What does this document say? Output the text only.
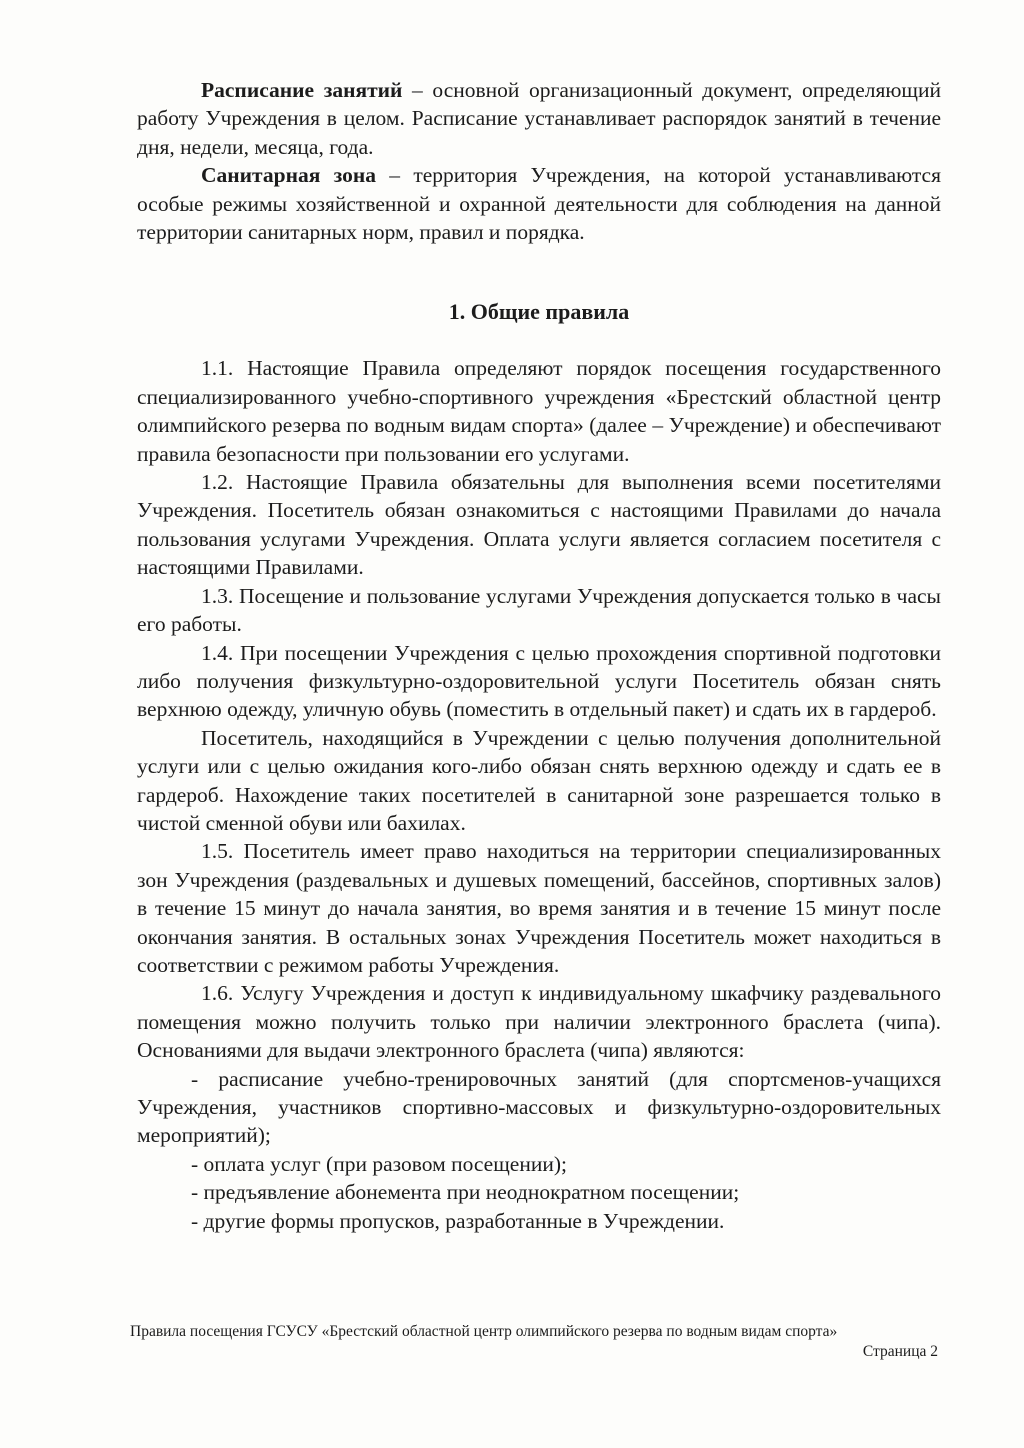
Расписание занятий – основной организационный документ, определяющий работу Учреждения в целом. Расписание устанавливает распорядок занятий в течение дня, недели, месяца, года.

Санитарная зона – территория Учреждения, на которой устанавливаются особые режимы хозяйственной и охранной деятельности для соблюдения на данной территории санитарных норм, правил и порядка.

1. Общие правила

1.1. Настоящие Правила определяют порядок посещения государственного специализированного учебно-спортивного учреждения «Брестский областной центр олимпийского резерва по водным видам спорта» (далее – Учреждение) и обеспечивают правила безопасности при пользовании его услугами.

1.2. Настоящие Правила обязательны для выполнения всеми посетителями Учреждения. Посетитель обязан ознакомиться с настоящими Правилами до начала пользования услугами Учреждения. Оплата услуги является согласием посетителя с настоящими Правилами.

1.3. Посещение и пользование услугами Учреждения допускается только в часы его работы.

1.4. При посещении Учреждения с целью прохождения спортивной подготовки либо получения физкультурно-оздоровительной услуги Посетитель обязан снять верхнюю одежду, уличную обувь (поместить в отдельный пакет) и сдать их в гардероб.

Посетитель, находящийся в Учреждении с целью получения дополнительной услуги или с целью ожидания кого-либо обязан снять верхнюю одежду и сдать ее в гардероб. Нахождение таких посетителей в санитарной зоне разрешается только в чистой сменной обуви или бахилах.

1.5. Посетитель имеет право находиться на территории специализированных зон Учреждения (раздевальных и душевых помещений, бассейнов, спортивных залов) в течение 15 минут до начала занятия, во время занятия и в течение 15 минут после окончания занятия. В остальных зонах Учреждения Посетитель может находиться в соответствии с режимом работы Учреждения.

1.6. Услугу Учреждения и доступ к индивидуальному шкафчику раздевального помещения можно получить только при наличии электронного браслета (чипа). Основаниями для выдачи электронного браслета (чипа) являются:

- расписание учебно-тренировочных занятий (для спортсменов-учащихся Учреждения, участников спортивно-массовых и физкультурно-оздоровительных мероприятий);

- оплата услуг (при разовом посещении);

- предъявление абонемента при неоднократном посещении;

- другие формы пропусков, разработанные в Учреждении.

Правила посещения ГСУСУ «Брестский областной центр олимпийского резерва по водным видам спорта»
Страница 2
